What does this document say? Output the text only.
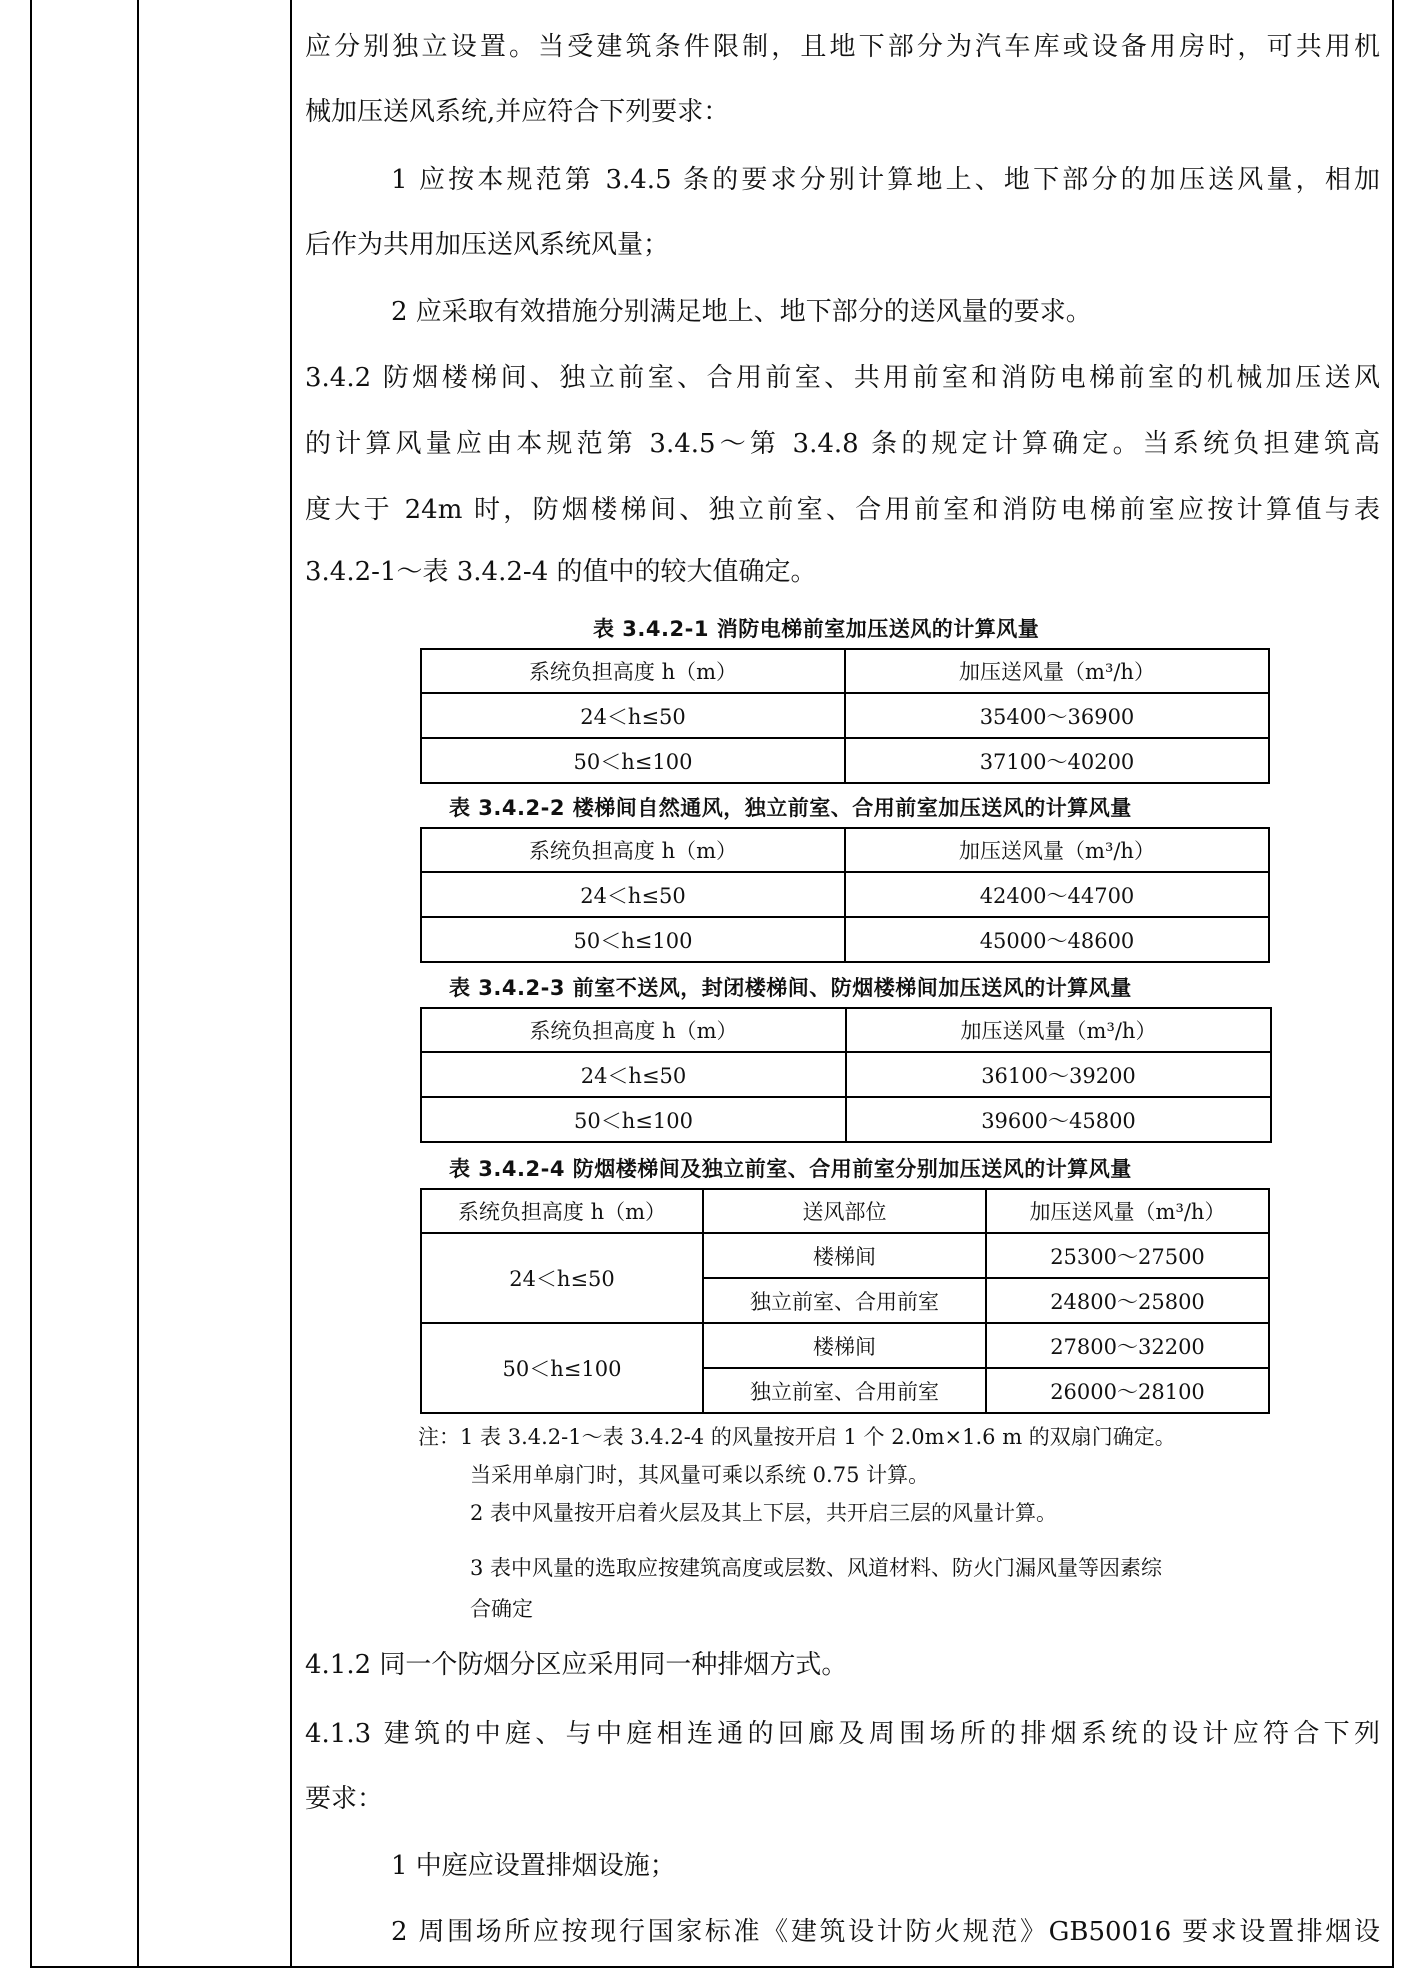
应分别独立设置。当受建筑条件限制，且地下部分为汽车库或设备用房时，可共用机
械加压送风系统,并应符合下列要求：
1 应按本规范第 3.4.5 条的要求分别计算地上、地下部分的加压送风量，相加
后作为共用加压送风系统风量；
2 应采取有效措施分别满足地上、地下部分的送风量的要求。
3.4.2 防烟楼梯间、独立前室、合用前室、共用前室和消防电梯前室的机械加压送风
的计算风量应由本规范第 3.4.5～第 3.4.8 条的规定计算确定。当系统负担建筑高
度大于 24m 时，防烟楼梯间、独立前室、合用前室和消防电梯前室应按计算值与表
3.4.2-1～表 3.4.2-4 的值中的较大值确定。
表 3.4.2-1 消防电梯前室加压送风的计算风量
系统负担高度 h（m）	加压送风量（m³/h）
24＜h≤50	35400～36900
50＜h≤100	37100～40200
表 3.4.2-2 楼梯间自然通风，独立前室、合用前室加压送风的计算风量
系统负担高度 h（m）	加压送风量（m³/h）
24＜h≤50	42400～44700
50＜h≤100	45000～48600
表 3.4.2-3 前室不送风，封闭楼梯间、防烟楼梯间加压送风的计算风量
系统负担高度 h（m）	加压送风量（m³/h）
24＜h≤50	36100～39200
50＜h≤100	39600～45800
表 3.4.2-4 防烟楼梯间及独立前室、合用前室分别加压送风的计算风量
系统负担高度 h（m）	送风部位	加压送风量（m³/h）
24＜h≤50	楼梯间	25300～27500
	独立前室、合用前室	24800～25800
50＜h≤100	楼梯间	27800～32200
	独立前室、合用前室	26000～28100
注：1 表 3.4.2-1～表 3.4.2-4 的风量按开启 1 个 2.0m×1.6 m 的双扇门确定。
当采用单扇门时，其风量可乘以系统 0.75 计算。
2 表中风量按开启着火层及其上下层，共开启三层的风量计算。
3 表中风量的选取应按建筑高度或层数、风道材料、防火门漏风量等因素综
合确定
4.1.2 同一个防烟分区应采用同一种排烟方式。
4.1.3 建筑的中庭、与中庭相连通的回廊及周围场所的排烟系统的设计应符合下列
要求：
1 中庭应设置排烟设施；
2 周围场所应按现行国家标准《建筑设计防火规范》GB50016 要求设置排烟设
